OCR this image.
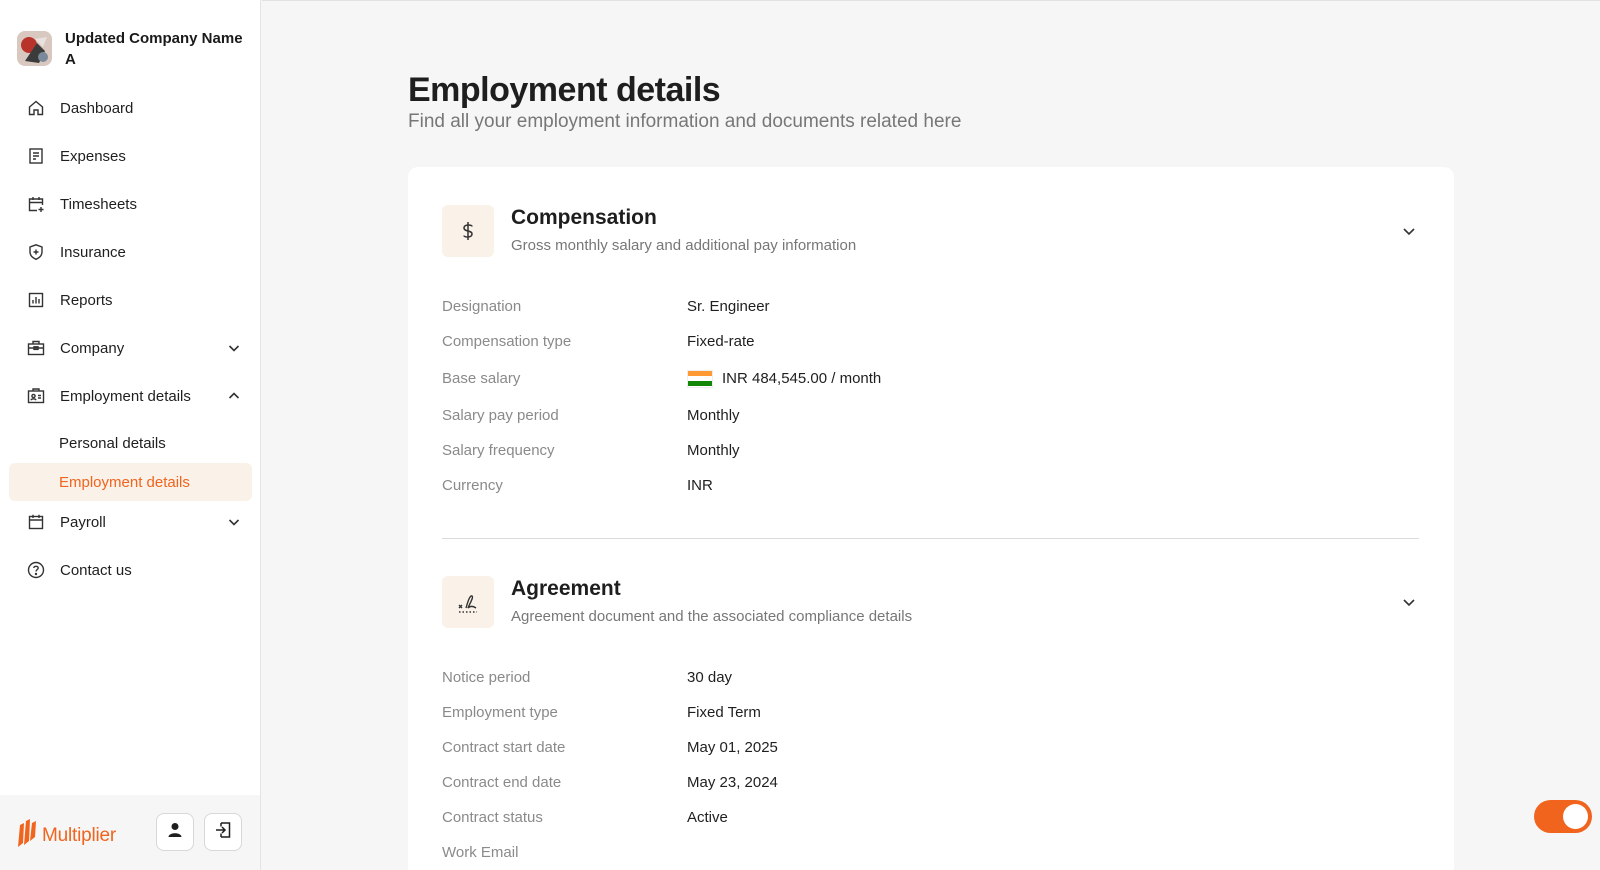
Updated Company Name A
Dashboard
Expenses
Timesheets
Insurance
Reports
Company
Employment details
Personal details
Employment details
Payroll
Contact us
Multiplier
Employment details
Find all your employment information and documents related here
Compensation
Gross monthly salary and additional pay information
Designation	Sr. Engineer
Compensation type	Fixed-rate
Base salary	INR 484,545.00 / month
Salary pay period	Monthly
Salary frequency	Monthly
Currency	INR
Agreement
Agreement document and the associated compliance details
Notice period	30 day
Employment type	Fixed Term
Contract start date	May 01, 2025
Contract end date	May 23, 2024
Contract status	Active
Work Email
